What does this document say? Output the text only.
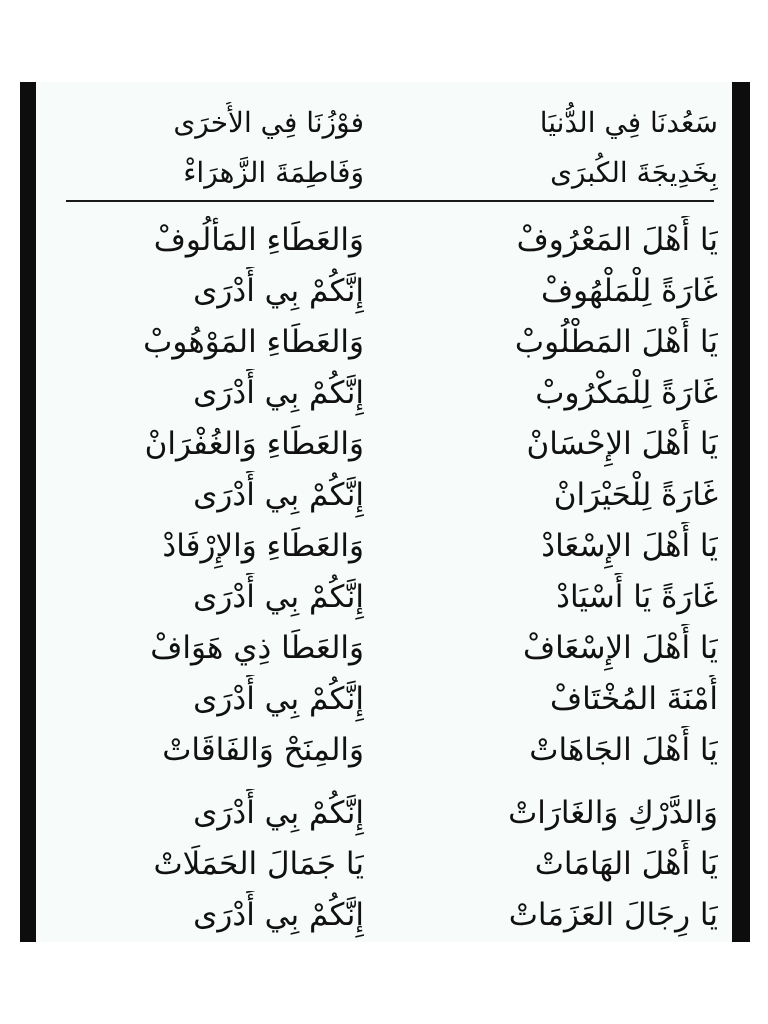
سَعُدنَا فِي الدُّنيَا
فوْزُنَا فِي الأُخرَى
بِخَدِيجَةَ الكُبرَى
وَفَاطِمَةَ الزَّهرَاءْ
يَا أَهْلَ المَعْرُوفْ
وَالعَطَاءِ المَأْلُوفْ
غَارَةً لِلْمَلْهُوفْ
إِنَّكُمْ بِي أَدْرَى
يَا أَهْلَ المَطْلُوبْ
وَالعَطَاءِ المَوْهُوبْ
غَارَةً لِلْمَكْرُوبْ
إِنَّكُمْ بِي أَدْرَى
يَا أَهْلَ الإِحْسَانْ
وَالعَطَاءِ وَالغُفْرَانْ
غَارَةً لِلْحَيْرَانْ
إِنَّكُمْ بِي أَدْرَى
يَا أَهْلَ الإِسْعَادْ
وَالعَطَاءِ وَالإِرْفَادْ
غَارَةً يَا أَسْيَادْ
إِنَّكُمْ بِي أَدْرَى
يَا أَهْلَ الإِسْعَافْ
وَالعَطَا ذِي هَوَافْ
أُمْنَةَ المُخْتَافْ
إِنَّكُمْ بِي أَدْرَى
يَا أَهْلَ الجَاهَاتْ
وَالمِنَحْ وَالفَاقَاتْ
وَالدَّرْكِ وَالغَارَاتْ
إِنَّكُمْ بِي أَدْرَى
يَا أَهْلَ الهَامَاتْ
يَا جَمَالَ الحَمَلَاتْ
يَا رِجَالَ العَزَمَاتْ
إِنَّكُمْ بِي أَدْرَى
